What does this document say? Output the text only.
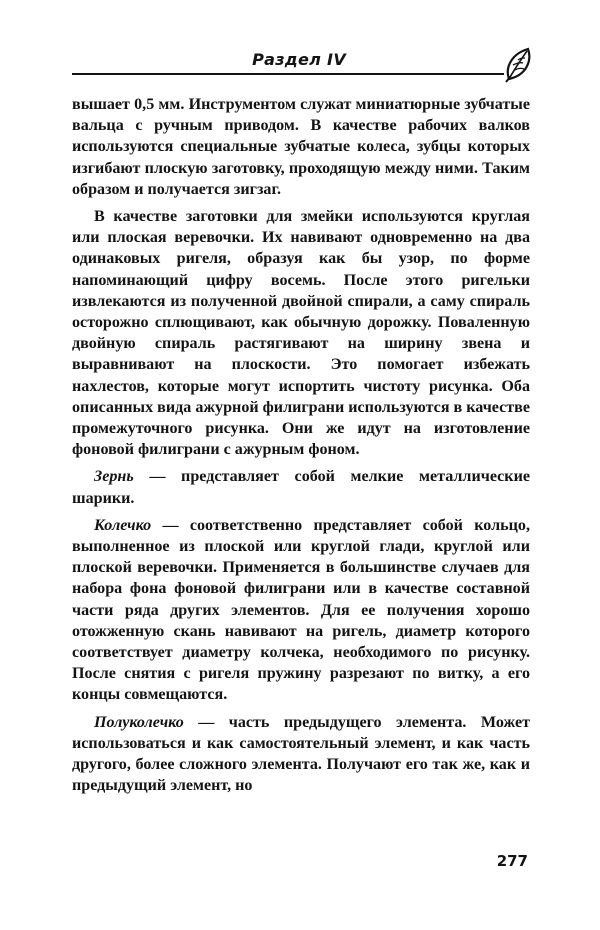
Раздел IV

вышает 0,5 мм. Инструментом служат миниатюрные зубчатые вальца с ручным приводом. В качестве рабочих валков используются специальные зубчатые колеса, зубцы которых изгибают плоскую заготовку, проходящую между ними. Таким образом и получается зигзаг.

В качестве заготовки для змейки используются круглая или плоская веревочки. Их навивают одновременно на два одинаковых ригеля, образуя как бы узор, по форме напоминающий цифру восемь. После этого ригельки извлекаются из полученной двойной спирали, а саму спираль осторожно сплющивают, как обычную дорожку. Поваленную двойную спираль растягивают на ширину звена и выравнивают на плоскости. Это помогает избежать нахлестов, которые могут испортить чистоту рисунка. Оба описанных вида ажурной филиграни используются в качестве промежуточного рисунка. Они же идут на изготовление фоновой филиграни с ажурным фоном.

Зернь — представляет собой мелкие металлические шарики.

Колечко — соответственно представляет собой кольцо, выполненное из плоской или круглой глади, круглой или плоской веревочки. Применяется в большинстве случаев для набора фона фоновой филиграни или в качестве составной части ряда других элементов. Для ее получения хорошо отожженную скань навивают на ригель, диаметр которого соответствует диаметру колчека, необходимого по рисунку. После снятия с ригеля пружину разрезают по витку, а его концы совмещаются.

Полуколечко — часть предыдущего элемента. Может использоваться и как самостоятельный элемент, и как часть другого, более сложного элемента. Получают его так же, как и предыдущий элемент, но

277
